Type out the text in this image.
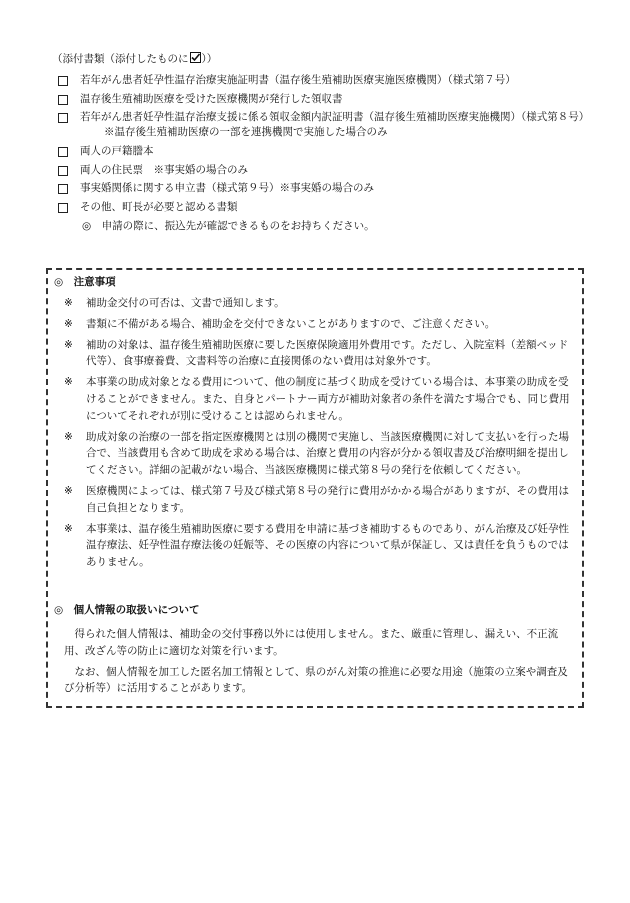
（添付書類（添付したものに ））
若年がん患者妊孕性温存治療実施証明書（温存後生殖補助医療実施医療機関）（様式第７号）
温存後生殖補助医療を受けた医療機関が発行した領収書
若年がん患者妊孕性温存治療支援に係る領収金額内訳証明書（温存後生殖補助医療実施機関）（様式第８号）
※温存後生殖補助医療の一部を連携機関で実施した場合のみ
両人の戸籍謄本
両人の住民票　※事実婚の場合のみ
事実婚関係に関する申立書（様式第９号）※事実婚の場合のみ
その他、町長が必要と認める書類
◎　申請の際に、振込先が確認できるものをお持ちください。
◎　注意事項
※ 補助金交付の可否は、文書で通知します。
※ 書類に不備がある場合、補助金を交付できないことがありますので、ご注意ください。
※ 補助の対象は、温存後生殖補助医療に要した医療保険適用外費用です。ただし、入院室料（差額ベッド代等）、食事療養費、文書料等の治療に直接関係のない費用は対象外です。
※ 本事業の助成対象となる費用について、他の制度に基づく助成を受けている場合は、本事業の助成を受けることができません。また、自身とパートナー両方が補助対象者の条件を満たす場合でも、同じ費用についてそれぞれが別に受けることは認められません。
※ 助成対象の治療の一部を指定医療機関とは別の機関で実施し、当該医療機関に対して支払いを行った場合で、当該費用も含めて助成を求める場合は、治療と費用の内容が分かる領収書及び治療明細を提出してください。詳細の記載がない場合、当該医療機関に様式第８号の発行を依頼してください。
※ 医療機関によっては、様式第７号及び様式第８号の発行に費用がかかる場合がありますが、その費用は自己負担となります。
※ 本事業は、温存後生殖補助医療に要する費用を申請に基づき補助するものであり、がん治療及び妊孕性温存療法、妊孕性温存療法後の妊娠等、その医療の内容について県が保証し、又は責任を負うものではありません。
◎　個人情報の取扱いについて

得られた個人情報は、補助金の交付事務以外には使用しません。また、厳重に管理し、漏えい、不正流用、改ざん等の防止に適切な対策を行います。

なお、個人情報を加工した匿名加工情報として、県のがん対策の推進に必要な用途（施策の立案や調査及び分析等）に活用することがあります。
